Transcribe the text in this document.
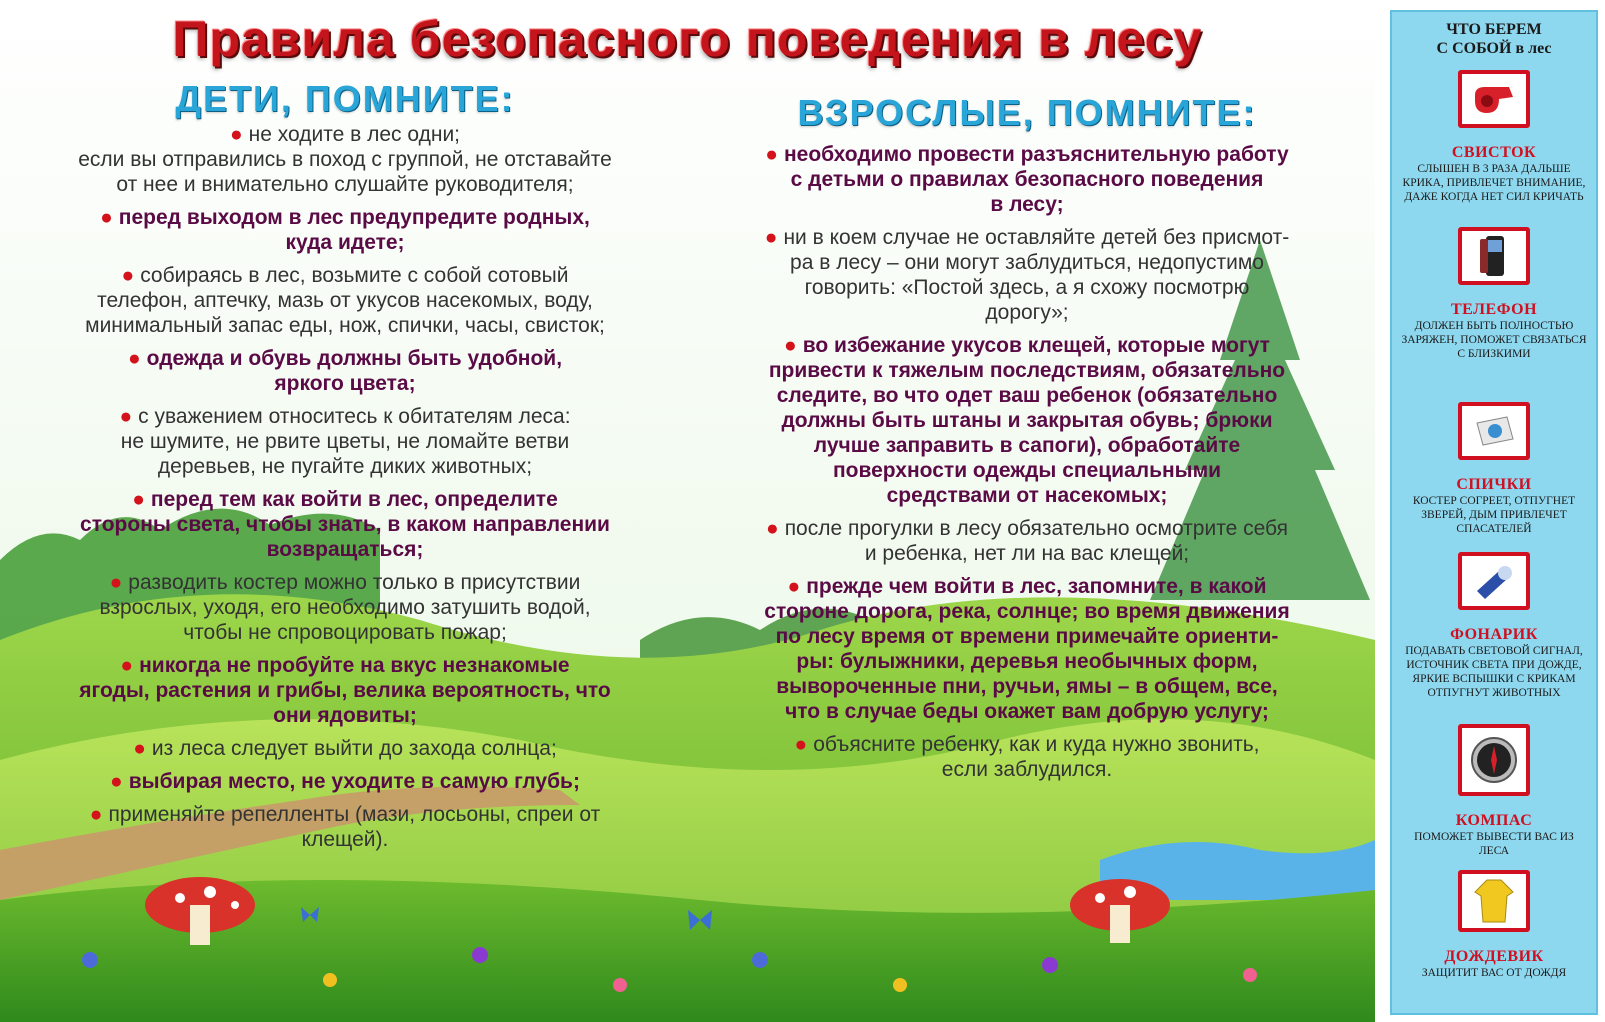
Правила безопасного поведения в лесу
ДЕТИ, ПОМНИТЕ:
● не ходите в лес одни;
если вы отправились в поход с группой, не отставайте
от нее и внимательно слушайте руководителя;
● перед выходом в лес предупредите родных,
куда идете;
● собираясь в лес, возьмите с собой сотовый
телефон, аптечку, мазь от укусов насекомых, воду,
минимальный запас еды, нож, спички, часы, свисток;
● одежда и обувь должны быть удобной,
яркого цвета;
● с уважением относитесь к обитателям леса:
не шумите, не рвите цветы, не ломайте ветви
деревьев, не пугайте диких животных;
● перед тем как войти в лес, определите
стороны света, чтобы знать, в каком направлении
возвращаться;
● разводить костер можно только в присутствии
взрослых, уходя, его необходимо затушить водой,
чтобы не спровоцировать пожар;
● никогда не пробуйте на вкус незнакомые
ягоды, растения и грибы, велика вероятность, что
они ядовиты;
● из леса следует выйти до захода солнца;
● выбирая место, не уходите в самую глубь;
● применяйте репелленты (мази, лосьоны, спреи от
клещей).
ВЗРОСЛЫЕ, ПОМНИТЕ:
● необходимо провести разъяснительную работу
с детьми о правилах безопасного поведения
в лесу;
● ни в коем случае не оставляйте детей без присмот-
ра в лесу – они могут заблудиться, недопустимо
говорить: «Постой здесь, а я схожу посмотрю
дорогу»;
● во избежание укусов клещей, которые могут
привести к тяжелым последствиям, обязательно
следите, во что одет ваш ребенок (обязательно
должны быть штаны и закрытая обувь; брюки
лучше заправить в сапоги), обработайте
поверхности одежды специальными
средствами от насекомых;
● после прогулки в лесу обязательно осмотрите себя
и ребенка, нет ли на вас клещей;
● прежде чем войти в лес, запомните, в какой
стороне дорога, река, солнце; во время движения
по лесу время от времени примечайте ориенти-
ры: булыжники, деревья необычных форм,
вывороченные пни, ручьи, ямы – в общем, все,
что в случае беды окажет вам добрую услугу;
● объясните ребенку, как и куда нужно звонить,
если заблудился.
ЧТО БЕРЕМ
С СОБОЙ в лес
СВИСТОК
СЛЫШЕН В 3 РАЗА ДАЛЬШЕ КРИКА, ПРИВЛЕЧЕТ ВНИМАНИЕ, ДАЖЕ КОГДА НЕТ СИЛ КРИЧАТЬ
ТЕЛЕФОН
ДОЛЖЕН БЫТЬ ПОЛНОСТЬЮ ЗАРЯЖЕН, ПОМОЖЕТ СВЯЗАТЬСЯ С БЛИЗКИМИ
СПИЧКИ
КОСТЕР СОГРЕЕТ, ОТПУГНЕТ ЗВЕРЕЙ, ДЫМ ПРИВЛЕЧЕТ СПАСАТЕЛЕЙ
ФОНАРИК
ПОДАВАТЬ СВЕТОВОЙ СИГНАЛ, ИСТОЧНИК СВЕТА ПРИ ДОЖДЕ, ЯРКИЕ ВСПЫШКИ С КРИКАМ ОТПУГНУТ ЖИВОТНЫХ
КОМПАС
ПОМОЖЕТ ВЫВЕСТИ ВАС ИЗ ЛЕСА
ДОЖДЕВИК
ЗАЩИТИТ ВАС ОТ ДОЖДЯ
